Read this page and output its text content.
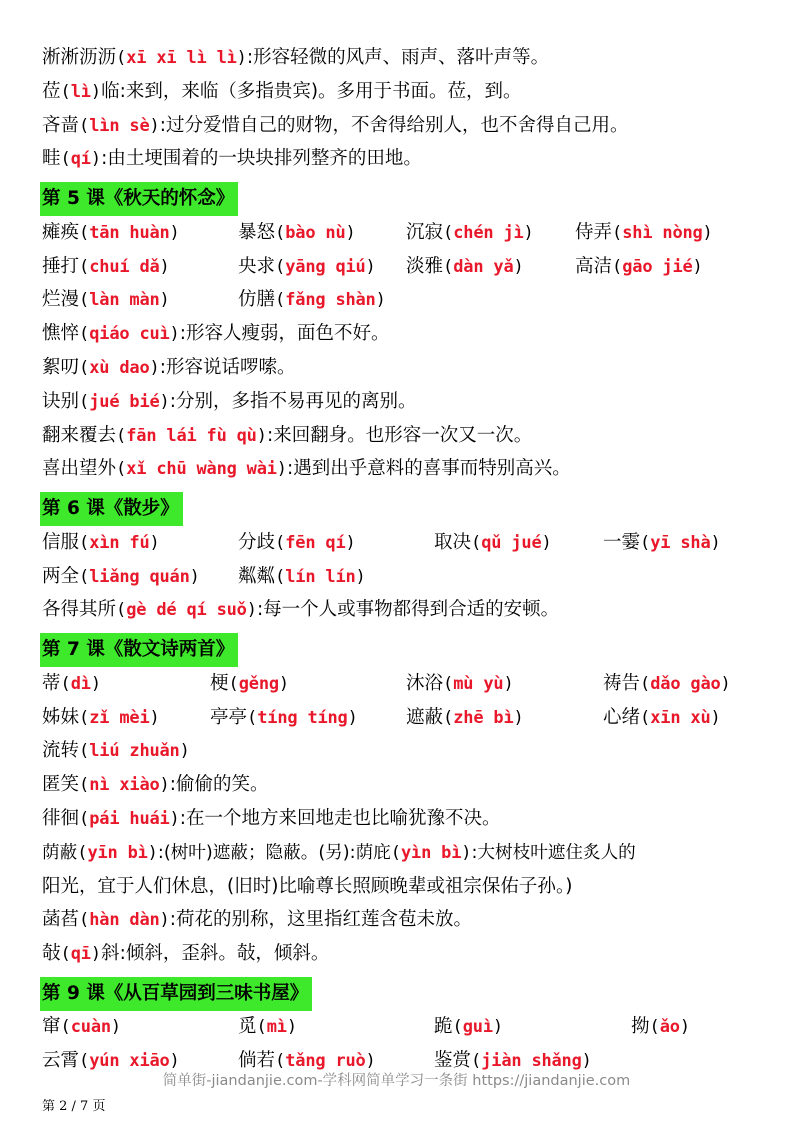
淅淅沥沥(xī xī lì lì):形容轻微的风声、雨声、落叶声等。
莅(lì)临:来到，来临（多指贵宾)。多用于书面。莅，到。
吝啬(lìn sè):过分爱惜自己的财物，不舍得给别人，也不舍得自己用。
畦(qí):由土埂围着的一块块排列整齐的田地。
第 5 课《秋天的怀念》
瘫痪(tān huàn)	暴怒(bào nù)	沉寂(chén jì) 侍弄(shì nòng)
捶打(chuí dǎ)	央求(yāng qiú) 淡雅(dàn yǎ)	高洁(gāo jié)
烂漫(làn màn)	仿膳(fǎng shàn)
憔悴(qiáo cuì):形容人瘦弱，面色不好。
絮叨(xù dao):形容说话啰嗦。
诀别(jué bié):分别，多指不易再见的离别。
翻来覆去(fān lái fù qù):来回翻身。也形容一次又一次。
喜出望外(xǐ chū wàng wài):遇到出乎意料的喜事而特别高兴。
第 6 课《散步》
信服(xìn fú)	分歧(fēn qí)	取决(qǔ jué)	一霎(yī shà)
两全(liǎng quán) 粼粼(lín lín)
各得其所(gè dé qí suǒ):每一个人或事物都得到合适的安顿。
第 7 课《散文诗两首》
蒂(dì)	梗(gěng)	沐浴(mù yù)	祷告(dǎo gào)
姊妹(zǐ mèi)	亭亭(tíng tíng)	遮蔽(zhē bì)	心绪(xīn xù)
流转(liú zhuǎn)
匿笑(nì xiào):偷偷的笑。
徘徊(pái huái):在一个地方来回地走也比喻犹豫不决。
荫蔽(yīn bì):(树叶)遮蔽；隐蔽。(另):荫庇(yìn bì):大树枝叶遮住炙人的
阳光，宜于人们休息，(旧时)比喻尊长照顾晚辈或祖宗保佑子孙。)
菡萏(hàn dàn):荷花的别称，这里指红莲含苞未放。
敧(qī)斜:倾斜，歪斜。敧，倾斜。
第 9 课《从百草园到三味书屋》
窜(cuàn)	觅(mì)	跪(guì)	拗(ǎo)
云霄(yún xiāo)	倘若(tǎng ruò)	鉴赏(jiàn shǎng)
简单街-jiandanjie.com-学科网简单学习一条街 https://jiandanjie.com
第 2 / 7 页
